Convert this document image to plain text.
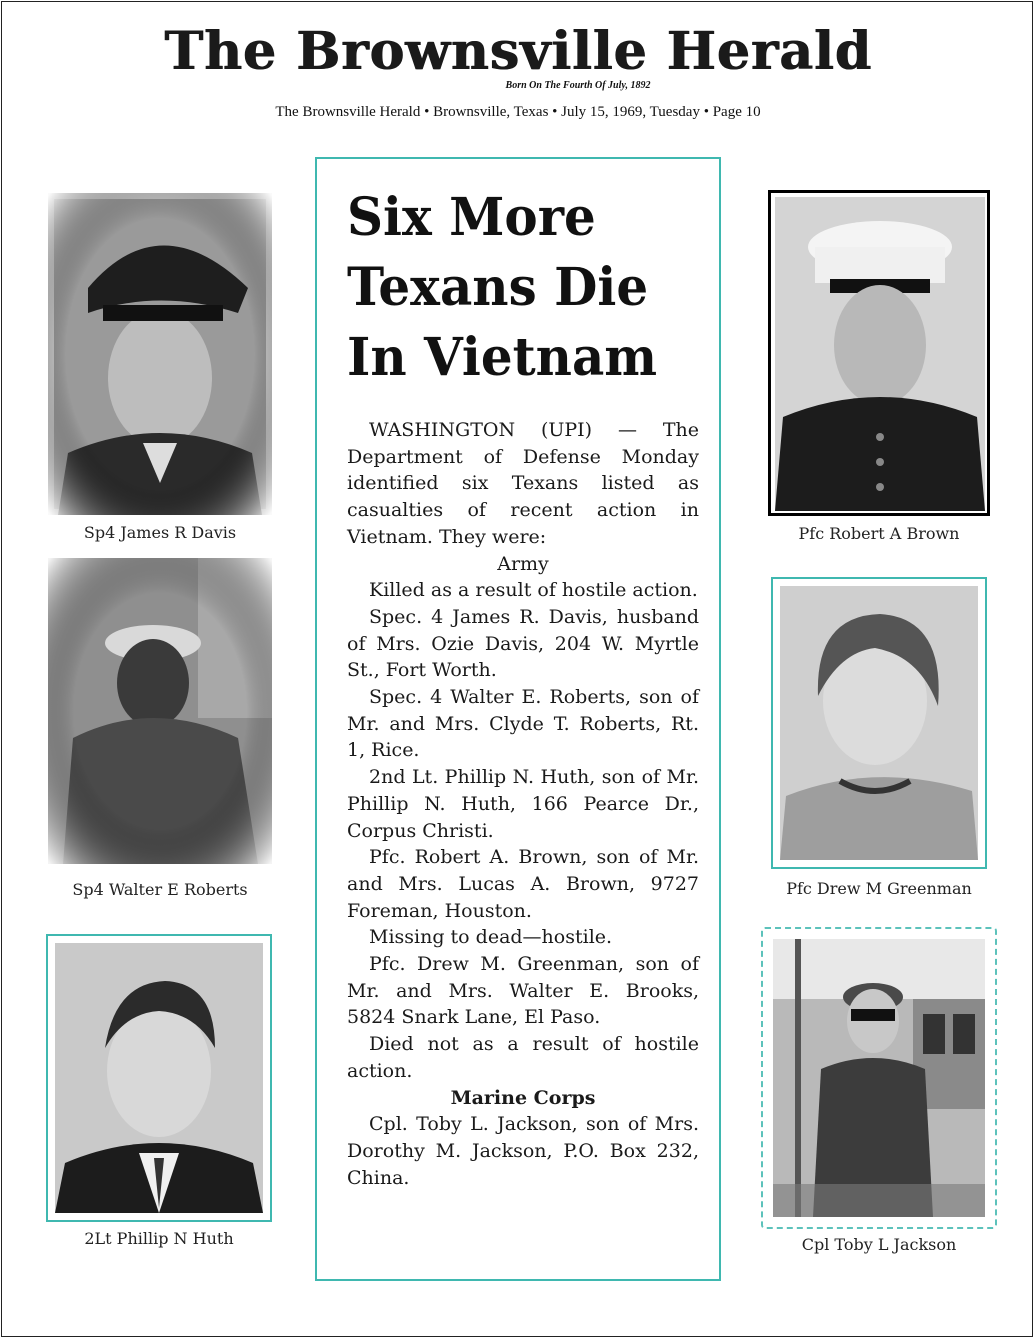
The Brownsville Herald
Born On The Fourth Of July, 1892
The Brownsville Herald • Brownsville, Texas • July 15, 1969, Tuesday • Page 10
Sp4 James R Davis
Sp4 Walter E Roberts
2Lt Phillip N Huth
Six More
Texans Die
In Vietnam

WASHINGTON (UPI) — The Department of Defense Monday identified six Texans listed as casualties of recent action in Vietnam. They were:

Army

Killed as a result of hostile action.

Spec. 4 James R. Davis, husband of Mrs. Ozie Davis, 204 W. Myrtle St., Fort Worth.

Spec. 4 Walter E. Roberts, son of Mr. and Mrs. Clyde T. Roberts, Rt. 1, Rice.

2nd Lt. Phillip N. Huth, son of Mr. Phillip N. Huth, 166 Pearce Dr., Corpus Christi.

Pfc. Robert A. Brown, son of Mr. and Mrs. Lucas A. Brown, 9727 Foreman, Houston.

Missing to dead—hostile.

Pfc. Drew M. Greenman, son of Mr. and Mrs. Walter E. Brooks, 5824 Snark Lane, El Paso.

Died not as a result of hostile action.

Marine Corps

Cpl. Toby L. Jackson, son of Mrs. Dorothy M. Jackson, P.O. Box 232, China.

Pfc Robert A Brown
Pfc Drew M Greenman
Cpl Toby L Jackson
